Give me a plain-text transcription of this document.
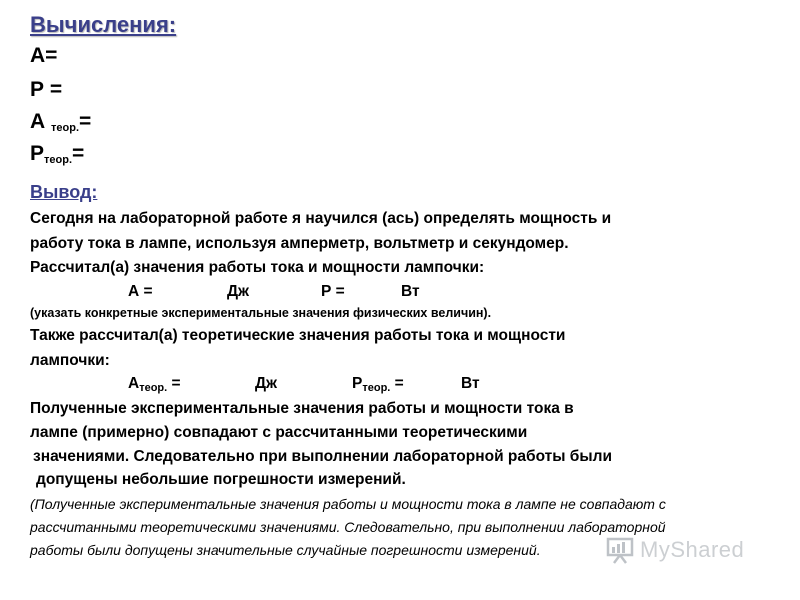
Вычисления:
А=
Р =
А $_{теор.}$=
$Р_{теор.}=$
Вывод:
Сегодня на лабораторной работе я научился (ась) определять мощность и
работу тока в лампе, используя амперметр, вольтметр и секундомер.
Рассчитал(а) значения работы тока и мощности лампочки:
А =	Дж	Р =	Вт
(указать конкретные экспериментальные значения физических величин).
Также рассчитал(а) теоретические значения работы тока и мощности
лампочки:
$А_{теор.}$ =	Дж	$Р_{теор.}$ =	Вт
Полученные экспериментальные значения работы и мощности тока в
лампе (примерно) совпадают с рассчитанными теоретическими
значениями. Следовательно при выполнении лабораторной работы были
допущены небольшие погрешности измерений.
(Полученные экспериментальные значения работы и мощности тока в лампе не совпадают с
рассчитанными теоретическими значениями. Следовательно, при выполнении лабораторной
работы были допущены значительные случайные погрешности измерений.	MyShared
